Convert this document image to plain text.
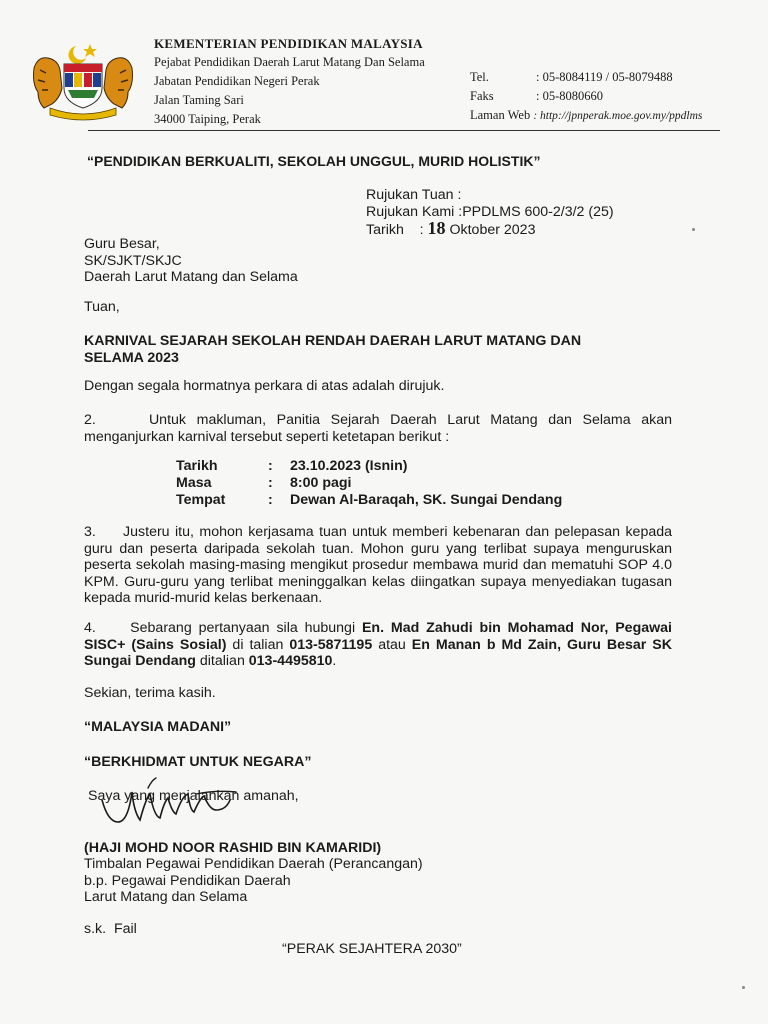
KEMENTERIAN PENDIDIKAN MALAYSIA
Pejabat Pendidikan Daerah Larut Matang Dan Selama
Jabatan Pendidikan Negeri Perak
Jalan Taming Sari
34000 Taiping, Perak
Tel.	: 05-8084119 / 05-8079488
Faks	: 05-8080660
Laman Web : http://jpnperak.moe.gov.my/ppdlms
“PENDIDIKAN BERKUALITI, SEKOLAH UNGGUL, MURID HOLISTIK”
Rujukan Tuan :
Rujukan Kami :PPDLMS 600-2/3/2 (25)
Tarikh : 18 Oktober 2023
Guru Besar,
SK/SJKT/SKJC
Daerah Larut Matang dan Selama
Tuan,
KARNIVAL SEJARAH SEKOLAH RENDAH DAERAH LARUT MATANG DAN SELAMA 2023
Dengan segala hormatnya perkara di atas adalah dirujuk.
2.     Untuk makluman, Panitia Sejarah Daerah Larut Matang dan Selama akan menganjurkan karnival tersebut seperti ketetapan berikut :
Tarikh	:	23.10.2023 (Isnin)
Masa	:	8:00 pagi
Tempat	:	Dewan Al-Baraqah, SK. Sungai Dendang
3.     Justeru itu, mohon kerjasama tuan untuk memberi kebenaran dan pelepasan kepada guru dan peserta daripada sekolah tuan. Mohon guru yang terlibat supaya menguruskan peserta sekolah masing-masing mengikut prosedur membawa murid dan mematuhi SOP 4.0 KPM. Guru-guru yang terlibat meninggalkan kelas diingatkan supaya menyediakan tugasan kepada murid-murid kelas berkenaan.
4.     Sebarang pertanyaan sila hubungi En. Mad Zahudi bin Mohamad Nor, Pegawai SISC+ (Sains Sosial) di talian 013-5871195 atau En Manan b Md Zain, Guru Besar SK Sungai Dendang ditalian 013-4495810.
Sekian, terima kasih.
“MALAYSIA MADANI”
“BERKHIDMAT UNTUK NEGARA”
Saya yang menjalankan amanah,
(HAJI MOHD NOOR RASHID BIN KAMARIDI)
Timbalan Pegawai Pendidikan Daerah (Perancangan)
b.p. Pegawai Pendidikan Daerah
Larut Matang dan Selama
s.k.  Fail
“PERAK SEJAHTERA 2030”
